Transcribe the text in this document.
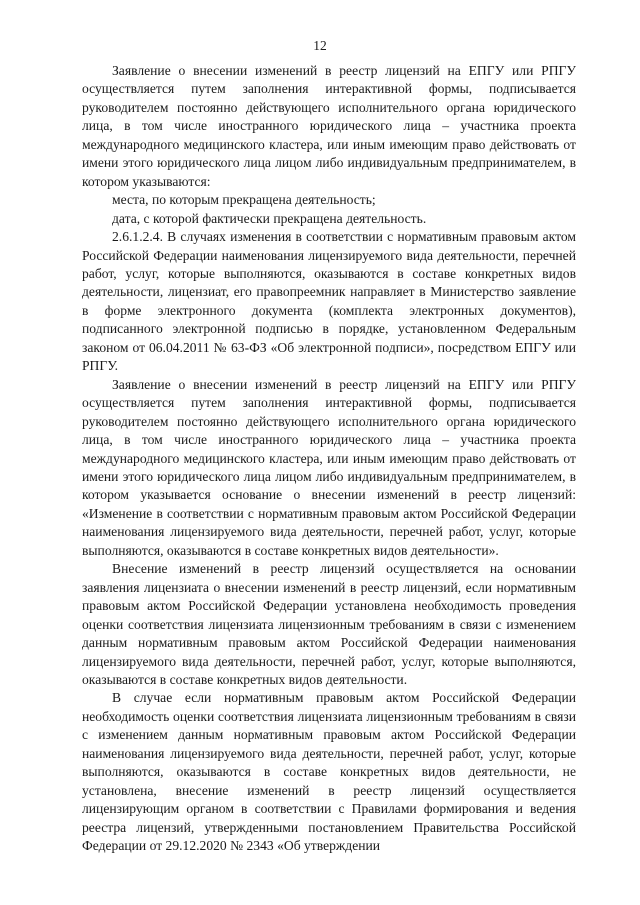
12

Заявление о внесении изменений в реестр лицензий на ЕПГУ или РПГУ осуществляется путем заполнения интерактивной формы, подписывается руководителем постоянно действующего исполнительного органа юридического лица, в том числе иностранного юридического лица – участника проекта международного медицинского кластера, или иным имеющим право действовать от имени этого юридического лица лицом либо индивидуальным предпринимателем, в котором указываются:

места, по которым прекращена деятельность;

дата, с которой фактически прекращена деятельность.

2.6.1.2.4. В случаях изменения в соответствии с нормативным правовым актом Российской Федерации наименования лицензируемого вида деятельности, перечней работ, услуг, которые выполняются, оказываются в составе конкретных видов деятельности, лицензиат, его правопреемник направляет в Министерство заявление в форме электронного документа (комплекта электронных документов), подписанного электронной подписью в порядке, установленном Федеральным законом от 06.04.2011 № 63-ФЗ «Об электронной подписи», посредством ЕПГУ или РПГУ.

Заявление о внесении изменений в реестр лицензий на ЕПГУ или РПГУ осуществляется путем заполнения интерактивной формы, подписывается руководителем постоянно действующего исполнительного органа юридического лица, в том числе иностранного юридического лица – участника проекта международного медицинского кластера, или иным имеющим право действовать от имени этого юридического лица лицом либо индивидуальным предпринимателем, в котором указывается основание о внесении изменений в реестр лицензий: «Изменение в соответствии с нормативным правовым актом Российской Федерации наименования лицензируемого вида деятельности, перечней работ, услуг, которые выполняются, оказываются в составе конкретных видов деятельности».

Внесение изменений в реестр лицензий осуществляется на основании заявления лицензиата о внесении изменений в реестр лицензий, если нормативным правовым актом Российской Федерации установлена необходимость проведения оценки соответствия лицензиата лицензионным требованиям в связи с изменением данным нормативным правовым актом Российской Федерации наименования лицензируемого вида деятельности, перечней работ, услуг, которые выполняются, оказываются в составе конкретных видов деятельности.

В случае если нормативным правовым актом Российской Федерации необходимость оценки соответствия лицензиата лицензионным требованиям в связи с изменением данным нормативным правовым актом Российской Федерации наименования лицензируемого вида деятельности, перечней работ, услуг, которые выполняются, оказываются в составе конкретных видов деятельности, не установлена, внесение изменений в реестр лицензий осуществляется лицензирующим органом в соответствии с Правилами формирования и ведения реестра лицензий, утвержденными постановлением Правительства Российской Федерации от 29.12.2020 № 2343 «Об утверждении
